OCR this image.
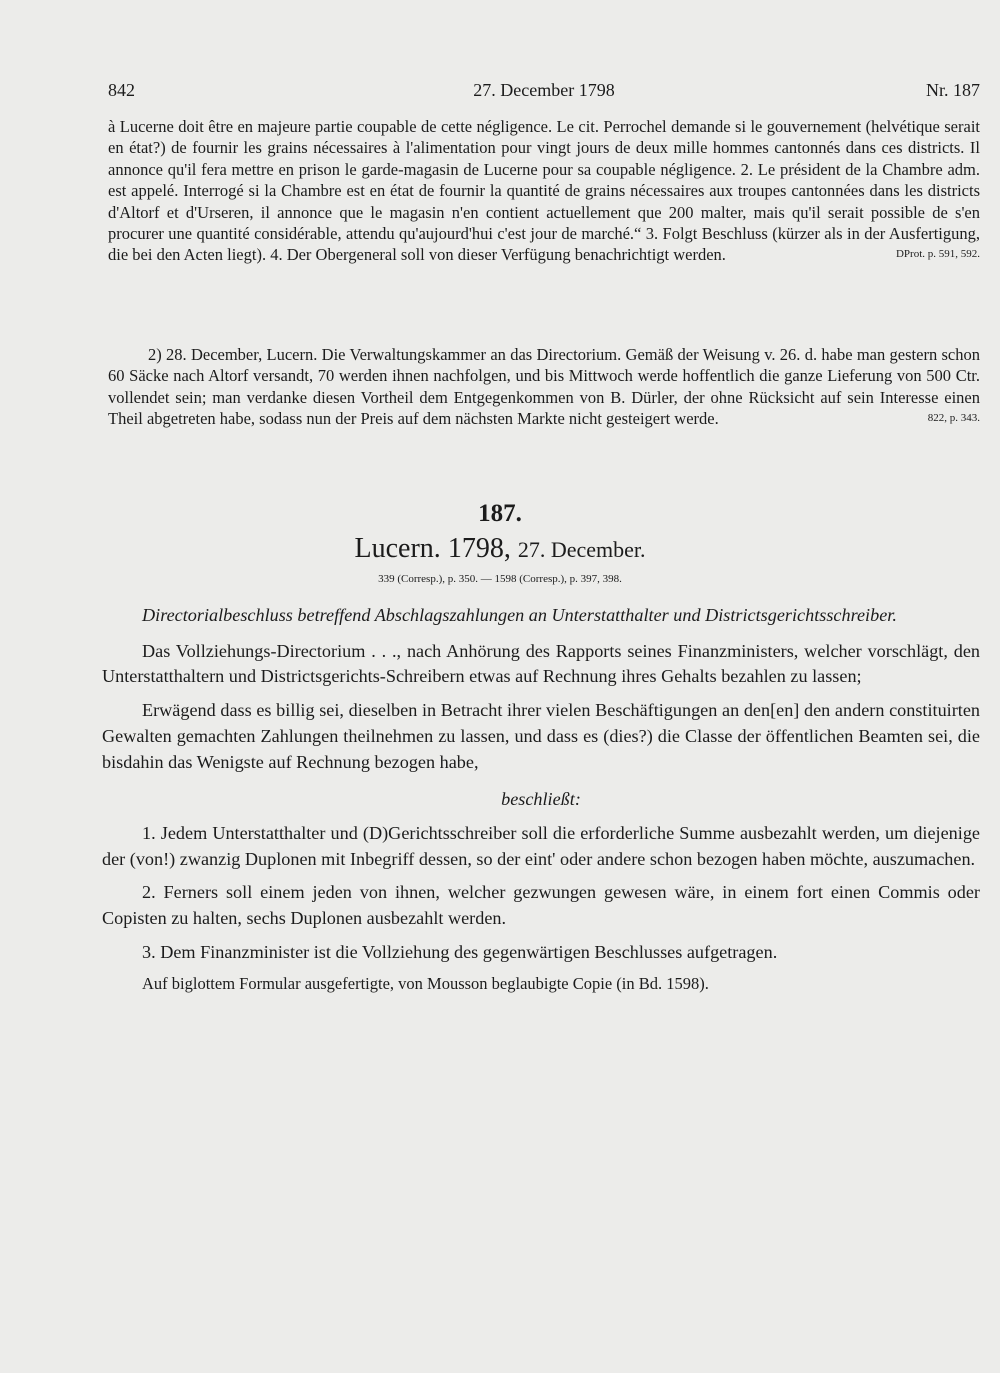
842	27. December 1798	Nr. 187

à Lucerne doit être en majeure partie coupable de cette négligence. Le cit. Perrochel demande si le gouvernement (helvétique serait en état?) de fournir les grains nécessaires à l'alimentation pour vingt jours de deux mille hommes cantonnés dans ces districts. Il annonce qu'il fera mettre en prison le garde-magasin de Lucerne pour sa coupable négligence. 2. Le président de la Chambre adm. est appelé. Interrogé si la Chambre est en état de fournir la quantité de grains nécessaires aux troupes cantonnées dans les districts d'Altorf et d'Urseren, il annonce que le magasin n'en contient actuellement que 200 malter, mais qu'il serait possible de s'en procurer une quantité considérable, attendu qu'aujourd'hui c'est jour de marché.“ 3. Folgt Beschluss (kürzer als in der Ausfertigung, die bei den Acten liegt). 4. Der Obergeneral soll von dieser Verfügung benachrichtigt werden.	DProt. p. 591, 592.

2) 28. December, Lucern. Die Verwaltungskammer an das Directorium. Gemäß der Weisung v. 26. d. habe man gestern schon 60 Säcke nach Altorf versandt, 70 werden ihnen nachfolgen, und bis Mittwoch werde hoffentlich die ganze Lieferung von 500 Ctr. vollendet sein; man verdanke diesen Vortheil dem Entgegenkommen von B. Dürler, der ohne Rücksicht auf sein Interesse einen Theil abgetreten habe, sodass nun der Preis auf dem nächsten Markte nicht gesteigert werde.	822, p. 343.

187.
Lucern. 1798, 27. December.
339 (Corresp.), p. 350. — 1598 (Corresp.), p. 397, 398.

Directorialbeschluss betreffend Abschlagszahlungen an Unterstatthalter und Districtsgerichtsschreiber.

Das Vollziehungs-Directorium . . ., nach Anhörung des Rapports seines Finanzministers, welcher vorschlägt, den Unterstatthaltern und Districtsgerichts-Schreibern etwas auf Rechnung ihres Gehalts bezahlen zu lassen;

Erwägend dass es billig sei, dieselben in Betracht ihrer vielen Beschäftigungen an den[en] den andern constituirten Gewalten gemachten Zahlungen theilnehmen zu lassen, und dass es (dies?) die Classe der öffentlichen Beamten sei, die bisdahin das Wenigste auf Rechnung bezogen habe,

beschließt:

1. Jedem Unterstatthalter und (D)Gerichtsschreiber soll die erforderliche Summe ausbezahlt werden, um diejenige der (von!) zwanzig Duplonen mit Inbegriff dessen, so der eint' oder andere schon bezogen haben möchte, auszumachen.

2. Ferners soll einem jeden von ihnen, welcher gezwungen gewesen wäre, in einem fort einen Commis oder Copisten zu halten, sechs Duplonen ausbezahlt werden.

3. Dem Finanzminister ist die Vollziehung des gegenwärtigen Beschlusses aufgetragen.

Auf biglottem Formular ausgefertigte, von Mousson beglaubigte Copie (in Bd. 1598).
